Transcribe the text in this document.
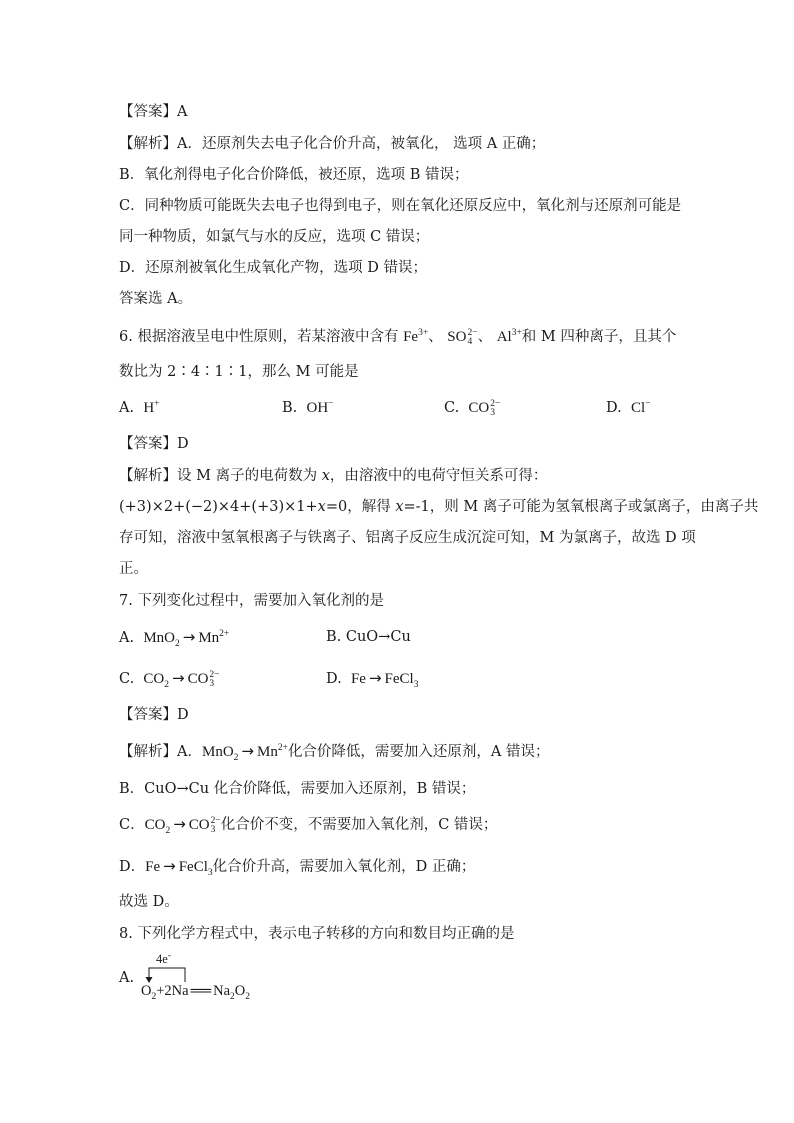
【答案】A
【解析】A．还原剂失去电子化合价升高，被氧化， 选项 A 正确；
B．氧化剂得电子化合价降低，被还原，选项 B 错误；
C．同种物质可能既失去电子也得到电子，则在氧化还原反应中，氧化剂与还原剂可能是
同一种物质，如氯气与水的反应，选项 C 错误；
D．还原剂被氧化生成氧化产物，选项 D 错误；
答案选 A。
6. 根据溶液呈电中性原则，若某溶液中含有 $Fe^{3+}$、 SO 2−
4 、 $Al^{3+}$和 M 四种离子，且其个
数比为 2∶4∶1∶1，那么 M 可能是
A. H+	B. OH−	C. CO 2−
3	D. Cl−
【答案】D
【解析】设 M 离子的电荷数为 x，由溶液中的电荷守恒关系可得：
(+3)×2+(−2)×4+(+3)×1+x=0，解得 x=-1，则 M 离子可能为氢氧根离子或氯离子，由离子共
存可知，溶液中氢氧根离子与铁离子、铝离子反应生成沉淀可知，M 为氯离子，故选 D 项
正。
7. 下列变化过程中，需要加入氧化剂的是
A. $MnO_2 \to Mn^{2+}$	B. CuO→Cu
C. $CO_2$ → CO 2−
3	D. Fe → FeCl$_3$
【答案】D
【解析】A．$MnO_2 \to Mn^{2+}$化合价降低，需要加入还原剂，A 错误；
B．CuO→Cu 化合价降低，需要加入还原剂，B 错误；
C．$CO_2$ → CO 2−
3 化合价不变，不需要加入氧化剂，C 错误；
D．Fe → FeCl$_3$化合价升高，需要加入氧化剂，D 正确；
故选 D。
8. 下列化学方程式中，表示电子转移的方向和数目均正确的是
A.
4e-
$O_2+2Na$ ══ $Na_2O_2$
